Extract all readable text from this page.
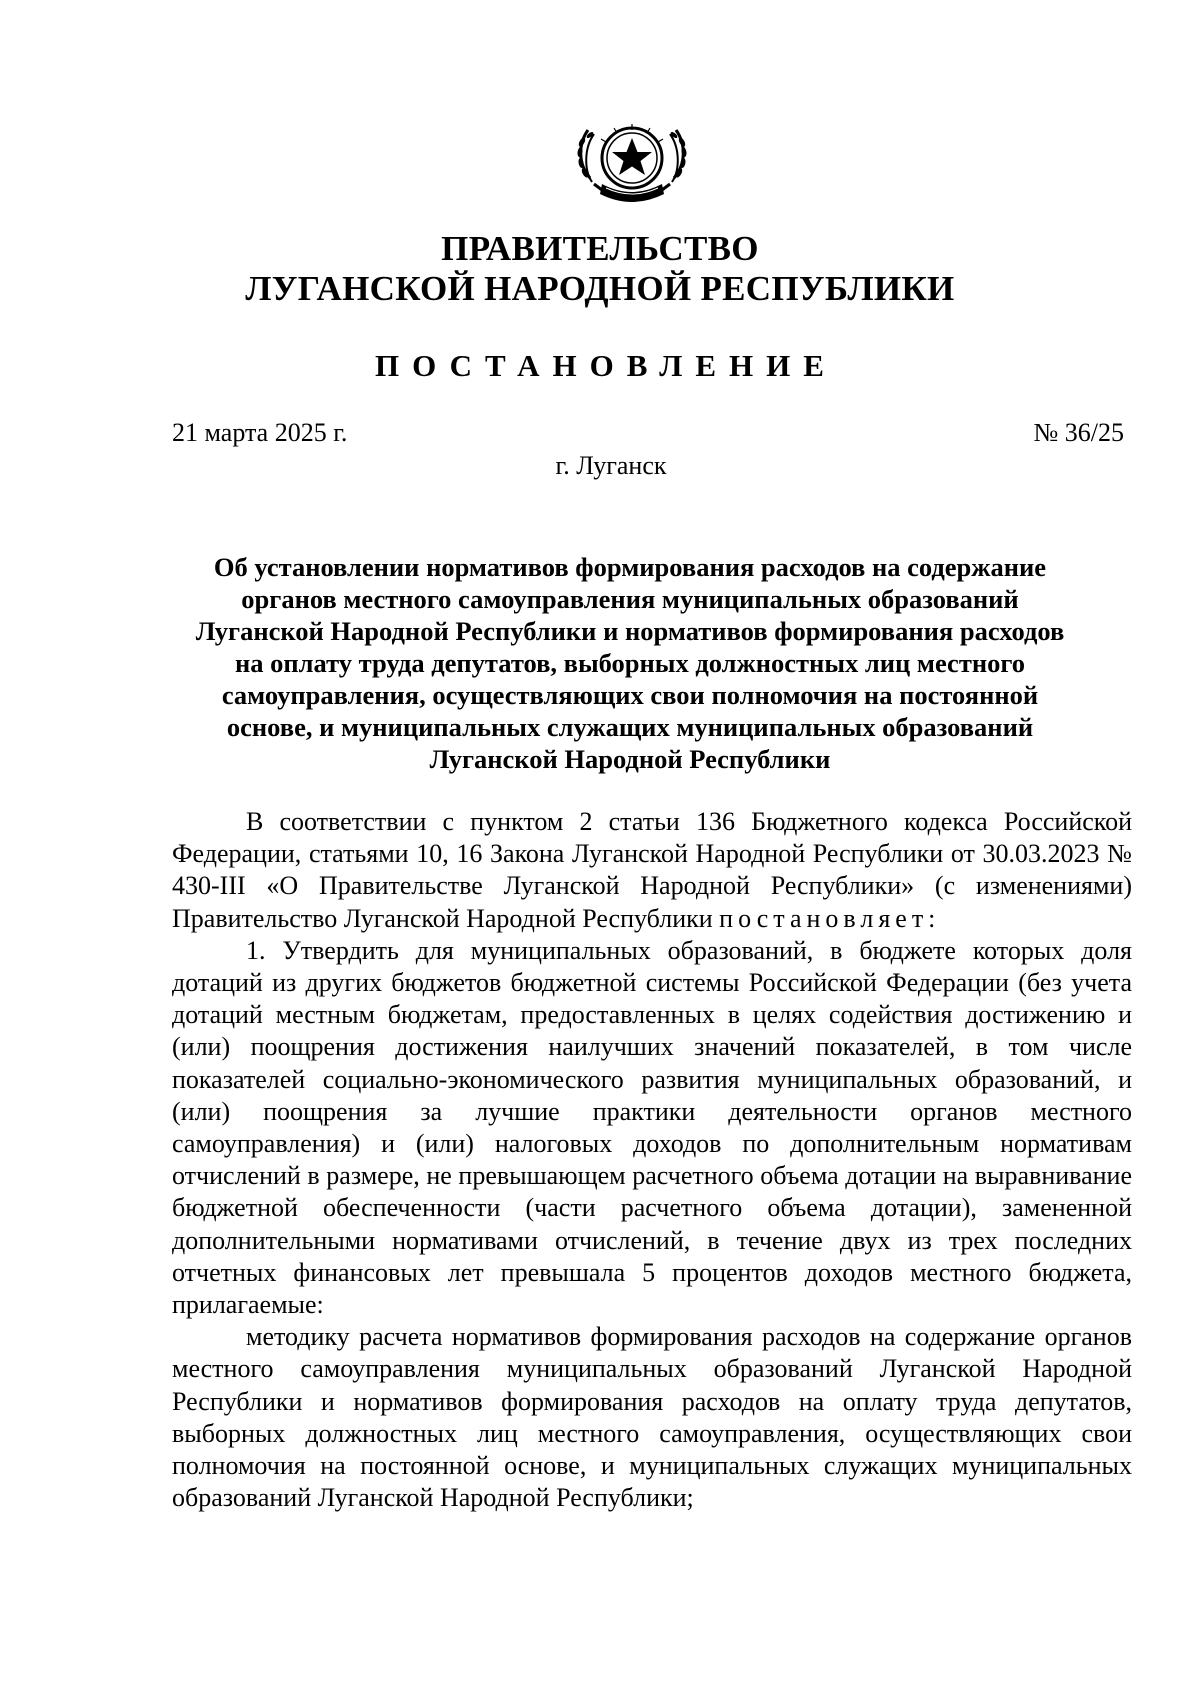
ПРАВИТЕЛЬСТВО
ЛУГАНСКОЙ НАРОДНОЙ РЕСПУБЛИКИ
ПОСТАНОВЛЕНИЕ
21 марта 2025 г.	№ 36/25
г. Луганск
Об установлении нормативов формирования расходов на содержание
органов местного самоуправления муниципальных образований
Луганской Народной Республики и нормативов формирования расходов
на оплату труда депутатов, выборных должностных лиц местного
самоуправления, осуществляющих свои полномочия на постоянной
основе, и муниципальных служащих муниципальных образований
Луганской Народной Республики

В соответствии с пунктом 2 статьи 136 Бюджетного кодекса Российской Федерации, статьями 10, 16 Закона Луганской Народной Республики от 30.03.2023 № 430-III «О Правительстве Луганской Народной Республики» (с изменениями) Правительство Луганской Народной Республики постановляет:

1. Утвердить для муниципальных образований, в бюджете которых доля дотаций из других бюджетов бюджетной системы Российской Федерации (без учета дотаций местным бюджетам, предоставленных в целях содействия достижению и (или) поощрения достижения наилучших значений показателей, в том числе показателей социально-экономического развития муниципальных образований, и (или) поощрения за лучшие практики деятельности органов местного самоуправления) и (или) налоговых доходов по дополнительным нормативам отчислений в размере, не превышающем расчетного объема дотации на выравнивание бюджетной обеспеченности (части расчетного объема дотации), замененной дополнительными нормативами отчислений, в течение двух из трех последних отчетных финансовых лет превышала 5 процентов доходов местного бюджета, прилагаемые:

методику расчета нормативов формирования расходов на содержание органов местного самоуправления муниципальных образований Луганской Народной Республики и нормативов формирования расходов на оплату труда депутатов, выборных должностных лиц местного самоуправления, осуществляющих свои полномочия на постоянной основе, и муниципальных служащих муниципальных образований Луганской Народной Республики;
